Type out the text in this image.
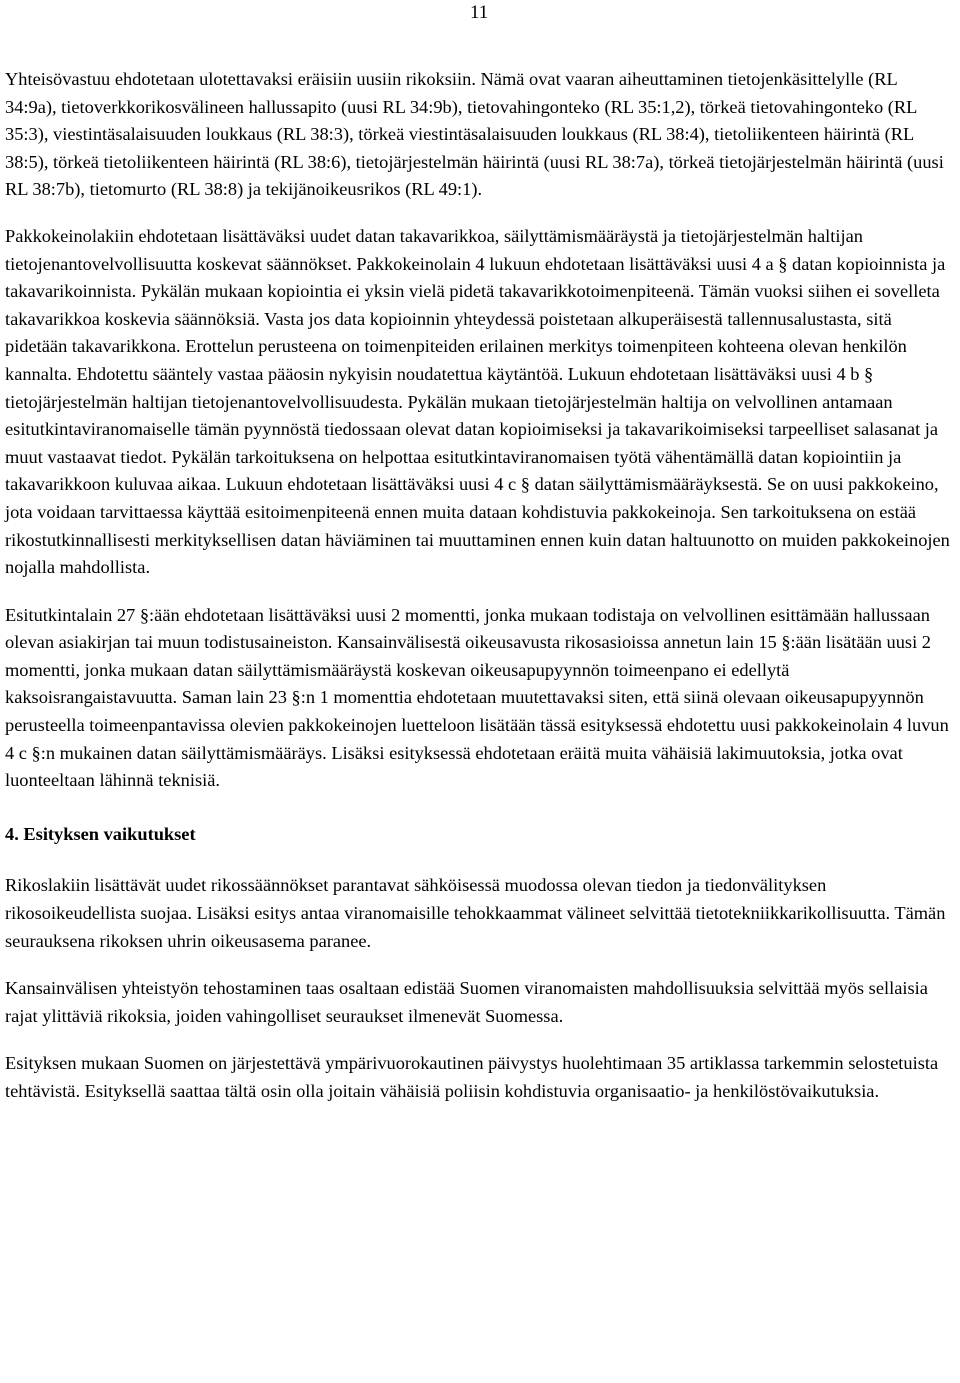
11

Yhteisövastuu ehdotetaan ulotettavaksi eräisiin uusiin rikoksiin. Nämä ovat vaaran aiheuttaminen tietojenkäsittelylle (RL 34:9a), tietoverkkorikosvälineen hallussapito (uusi RL 34:9b), tietovahingonteko (RL 35:1,2), törkeä tietovahingonteko (RL 35:3), viestintäsalaisuuden loukkaus (RL 38:3), törkeä viestintäsalaisuuden loukkaus (RL 38:4), tietoliikenteen häirintä (RL 38:5), törkeä tietoliikenteen häirintä (RL 38:6), tietojärjestelmän häirintä (uusi RL 38:7a), törkeä tietojärjestelmän häirintä (uusi RL 38:7b), tietomurto (RL 38:8) ja tekijänoikeusrikos (RL 49:1).

Pakkokeinolakiin ehdotetaan lisättäväksi uudet datan takavarikkoa, säilyttämismääräystä ja tietojärjestelmän haltijan tietojenantovelvollisuutta koskevat säännökset. Pakkokeinolain 4 lukuun ehdotetaan lisättäväksi uusi 4 a § datan kopioinnista ja takavarikoinnista. Pykälän mukaan kopiointia ei yksin vielä pidetä takavarikkotoimenpiteenä. Tämän vuoksi siihen ei sovelleta takavarikkoa koskevia säännöksiä. Vasta jos data kopioinnin yhteydessä poistetaan alkuperäisestä tallennusalustasta, sitä pidetään takavarikkona. Erottelun perusteena on toimenpiteiden erilainen merkitys toimenpiteen kohteena olevan henkilön kannalta. Ehdotettu sääntely vastaa pääosin nykyisin noudatettua käytäntöä. Lukuun ehdotetaan lisättäväksi uusi 4 b § tietojärjestelmän haltijan tietojenantovelvollisuudesta. Pykälän mukaan tietojärjestelmän haltija on velvollinen antamaan esitutkintaviranomaiselle tämän pyynnöstä tiedossaan olevat datan kopioimiseksi ja takavarikoimiseksi tarpeelliset salasanat ja muut vastaavat tiedot. Pykälän tarkoituksena on helpottaa esitutkintaviranomaisen työtä vähentämällä datan kopiointiin ja takavarikkoon kuluvaa aikaa. Lukuun ehdotetaan lisättäväksi uusi 4 c § datan säilyttämismääräyksestä. Se on uusi pakkokeino, jota voidaan tarvittaessa käyttää esitoimenpiteenä ennen muita dataan kohdistuvia pakkokeinoja. Sen tarkoituksena on estää rikostutkinnallisesti merkityksellisen datan häviäminen tai muuttaminen ennen kuin datan haltuunotto on muiden pakkokeinojen nojalla mahdollista.

Esitutkintalain 27 §:ään ehdotetaan lisättäväksi uusi 2 momentti, jonka mukaan todistaja on velvollinen esittämään hallussaan olevan asiakirjan tai muun todistusaineiston. Kansainvälisestä oikeusavusta rikosasioissa annetun lain 15 §:ään lisätään uusi 2 momentti, jonka mukaan datan säilyttämismääräystä koskevan oikeusapupyynnön toimeenpano ei edellytä kaksoisrangaistavuutta. Saman lain 23 §:n 1 momenttia ehdotetaan muutettavaksi siten, että siinä olevaan oikeusapupyynnön perusteella toimeenpantavissa olevien pakkokeinojen luetteloon lisätään tässä esityksessä ehdotettu uusi pakkokeinolain 4 luvun 4 c §:n mukainen datan säilyttämismääräys. Lisäksi esityksessä ehdotetaan eräitä muita vähäisiä lakimuutoksia, jotka ovat luonteeltaan lähinnä teknisiä.

4. Esityksen vaikutukset

Rikoslakiin lisättävät uudet rikossäännökset parantavat sähköisessä muodossa olevan tiedon ja tiedonvälityksen rikosoikeudellista suojaa. Lisäksi esitys antaa viranomaisille tehokkaammat välineet selvittää tietotekniikkarikollisuutta. Tämän seurauksena rikoksen uhrin oikeusasema paranee.

Kansainvälisen yhteistyön tehostaminen taas osaltaan edistää Suomen viranomaisten mahdollisuuksia selvittää myös sellaisia rajat ylittäviä rikoksia, joiden vahingolliset seuraukset ilmenevät Suomessa.

Esityksen mukaan Suomen on järjestettävä ympärivuorokautinen päivystys huolehtimaan 35 artiklassa tarkemmin selostetuista tehtävistä. Esityksellä saattaa tältä osin olla joitain vähäisiä poliisin kohdistuvia organisaatio- ja henkilöstövaikutuksia.
